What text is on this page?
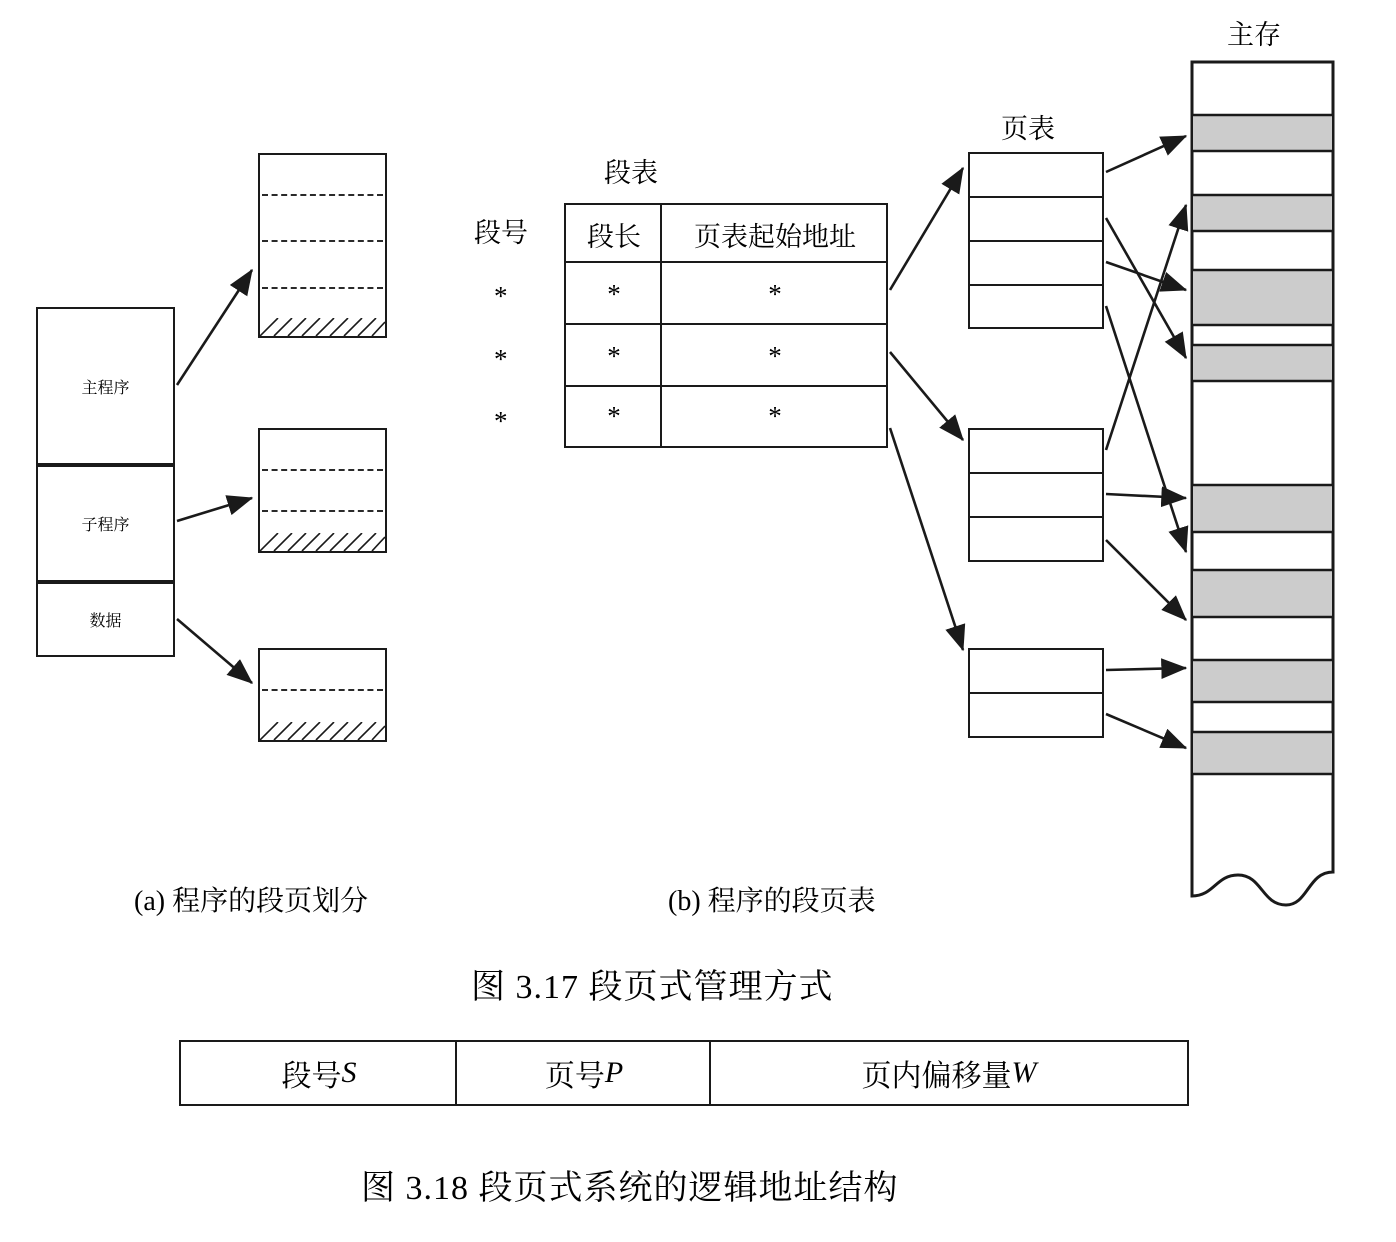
主程序
子程序
数据
段表
段号	段长	页表起始地址
*	*
*	*
*	*
*
*
*
页表
主存
(a) 程序的段页划分	(b) 程序的段页表
图 3.17 段页式管理方式
段号 S	页号 P	页内偏移量 W
图 3.18 段页式系统的逻辑地址结构
